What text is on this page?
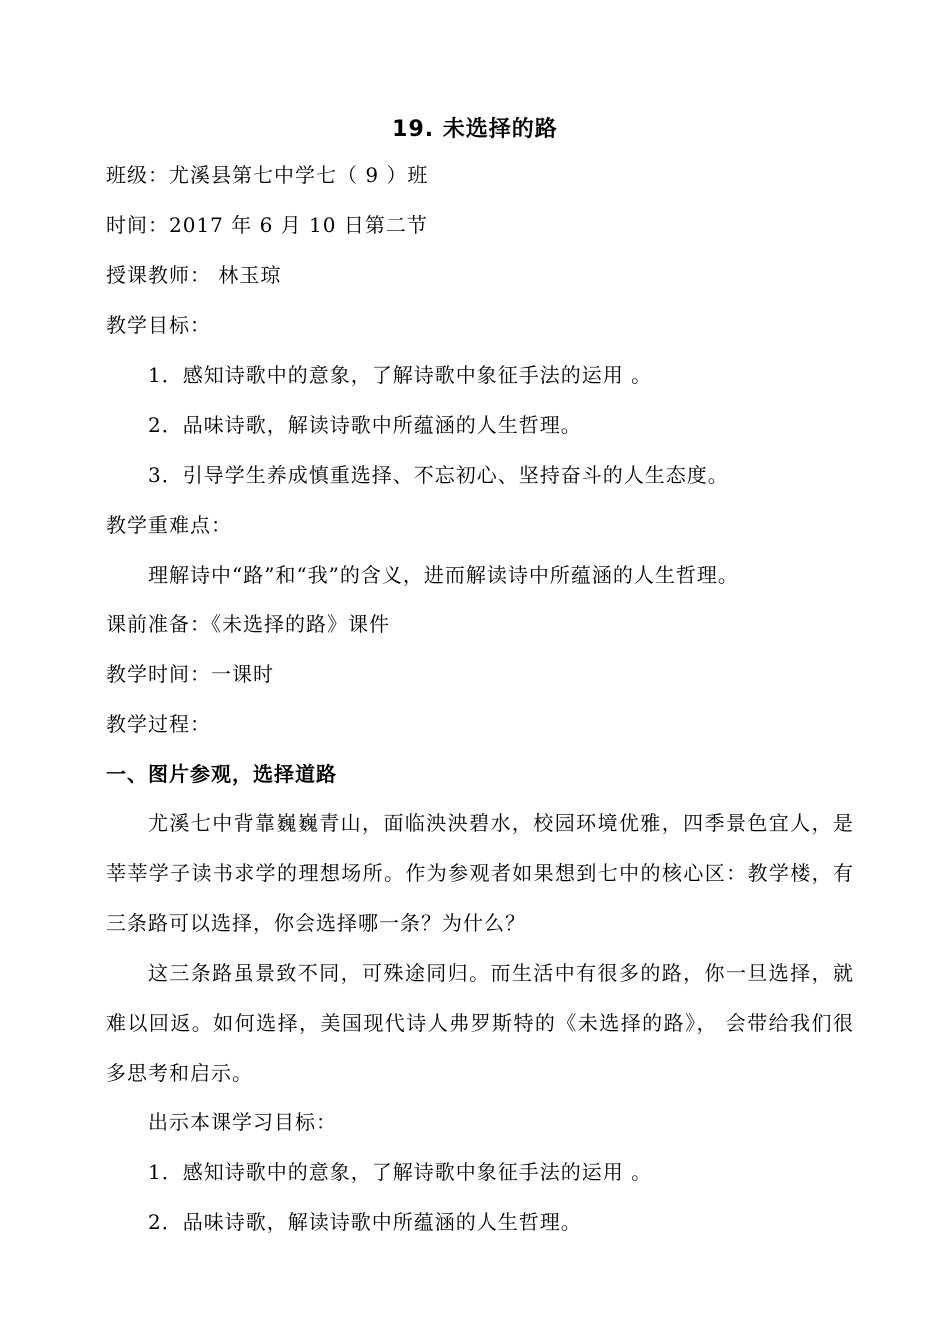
19. 未选择的路
班级：尤溪县第七中学七（ 9 ）班
时间：2017 年 6 月 10 日第二节
授课教师： 林玉琼
教学目标：
1．感知诗歌中的意象，了解诗歌中象征手法的运用 。
2．品味诗歌，解读诗歌中所蕴涵的人生哲理。
3．引导学生养成慎重选择、不忘初心、坚持奋斗的人生态度。
教学重难点：
理解诗中“路”和“我”的含义，进而解读诗中所蕴涵的人生哲理。
课前准备：《未选择的路》课件
教学时间：一课时
教学过程：
一、图片参观，选择道路
尤溪七中背靠巍巍青山，面临泱泱碧水，校园环境优雅，四季景色宜人，是莘莘学子读书求学的理想场所。作为参观者如果想到七中的核心区：教学楼，有三条路可以选择，你会选择哪一条？为什么？
这三条路虽景致不同，可殊途同归。而生活中有很多的路，你一旦选择，就难以回返。如何选择，美国现代诗人弗罗斯特的《未选择的路》， 会带给我们很多思考和启示。
出示本课学习目标：
1．感知诗歌中的意象，了解诗歌中象征手法的运用 。
2．品味诗歌，解读诗歌中所蕴涵的人生哲理。
